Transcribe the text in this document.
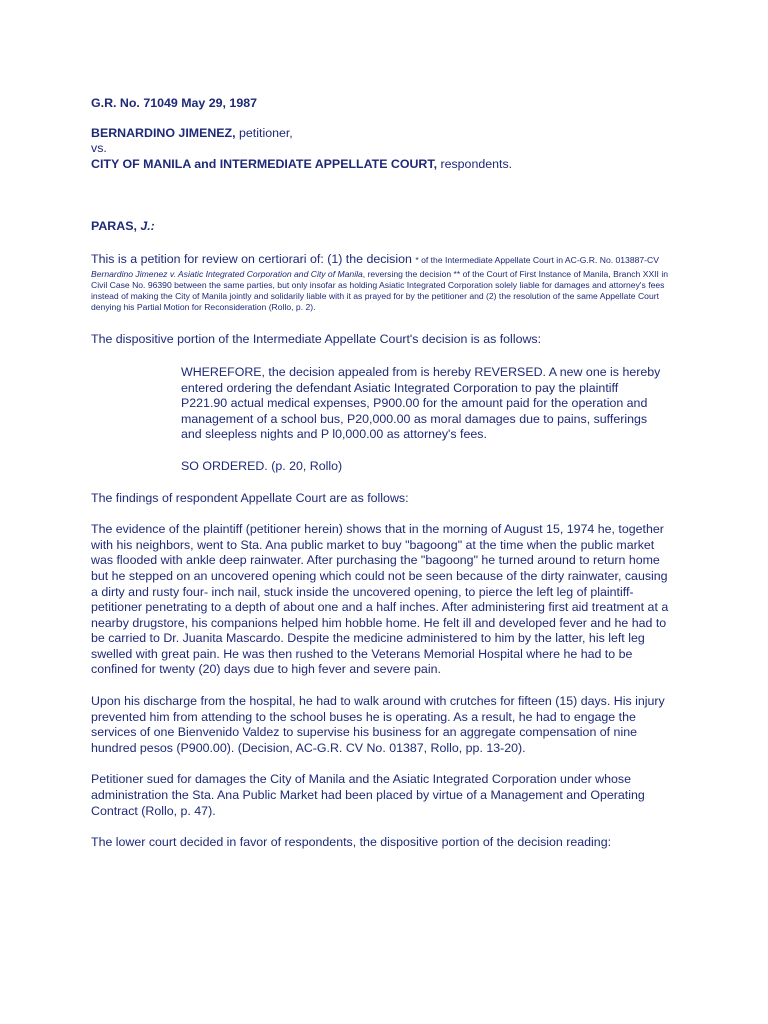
G.R. No. 71049 May 29, 1987

BERNARDINO JIMENEZ, petitioner,

vs.

CITY OF MANILA and INTERMEDIATE APPELLATE COURT, respondents.

PARAS, J.:

This is a petition for review on certiorari of: (1) the decision * of the Intermediate Appellate Court in AC-G.R. No. 013887-CV Bernardino Jimenez v. Asiatic Integrated Corporation and City of Manila, reversing the decision ** of the Court of First Instance of Manila, Branch XXII in Civil Case No. 96390 between the same parties, but only insofar as holding Asiatic Integrated Corporation solely liable for damages and attorney's fees instead of making the City of Manila jointly and solidarily liable with it as prayed for by the petitioner and (2) the resolution of the same Appellate Court denying his Partial Motion for Reconsideration (Rollo, p. 2).

The dispositive portion of the Intermediate Appellate Court's decision is as follows:

WHEREFORE, the decision appealed from is hereby REVERSED. A new one is hereby entered ordering the defendant Asiatic Integrated Corporation to pay the plaintiff P221.90 actual medical expenses, P900.00 for the amount paid for the operation and management of a school bus, P20,000.00 as moral damages due to pains, sufferings and sleepless nights and P l0,000.00 as attorney's fees.

SO ORDERED. (p. 20, Rollo)

The findings of respondent Appellate Court are as follows:

The evidence of the plaintiff (petitioner herein) shows that in the morning of August 15, 1974 he, together with his neighbors, went to Sta. Ana public market to buy "bagoong" at the time when the public market was flooded with ankle deep rainwater. After purchasing the "bagoong" he turned around to return home but he stepped on an uncovered opening which could not be seen because of the dirty rainwater, causing a dirty and rusty four- inch nail, stuck inside the uncovered opening, to pierce the left leg of plaintiff-petitioner penetrating to a depth of about one and a half inches. After administering first aid treatment at a nearby drugstore, his companions helped him hobble home. He felt ill and developed fever and he had to be carried to Dr. Juanita Mascardo. Despite the medicine administered to him by the latter, his left leg swelled with great pain. He was then rushed to the Veterans Memorial Hospital where he had to be confined for twenty (20) days due to high fever and severe pain.

Upon his discharge from the hospital, he had to walk around with crutches for fifteen (15) days. His injury prevented him from attending to the school buses he is operating. As a result, he had to engage the services of one Bienvenido Valdez to supervise his business for an aggregate compensation of nine hundred pesos (P900.00). (Decision, AC-G.R. CV No. 01387, Rollo, pp. 13-20).

Petitioner sued for damages the City of Manila and the Asiatic Integrated Corporation under whose administration the Sta. Ana Public Market had been placed by virtue of a Management and Operating Contract (Rollo, p. 47).

The lower court decided in favor of respondents, the dispositive portion of the decision reading:
